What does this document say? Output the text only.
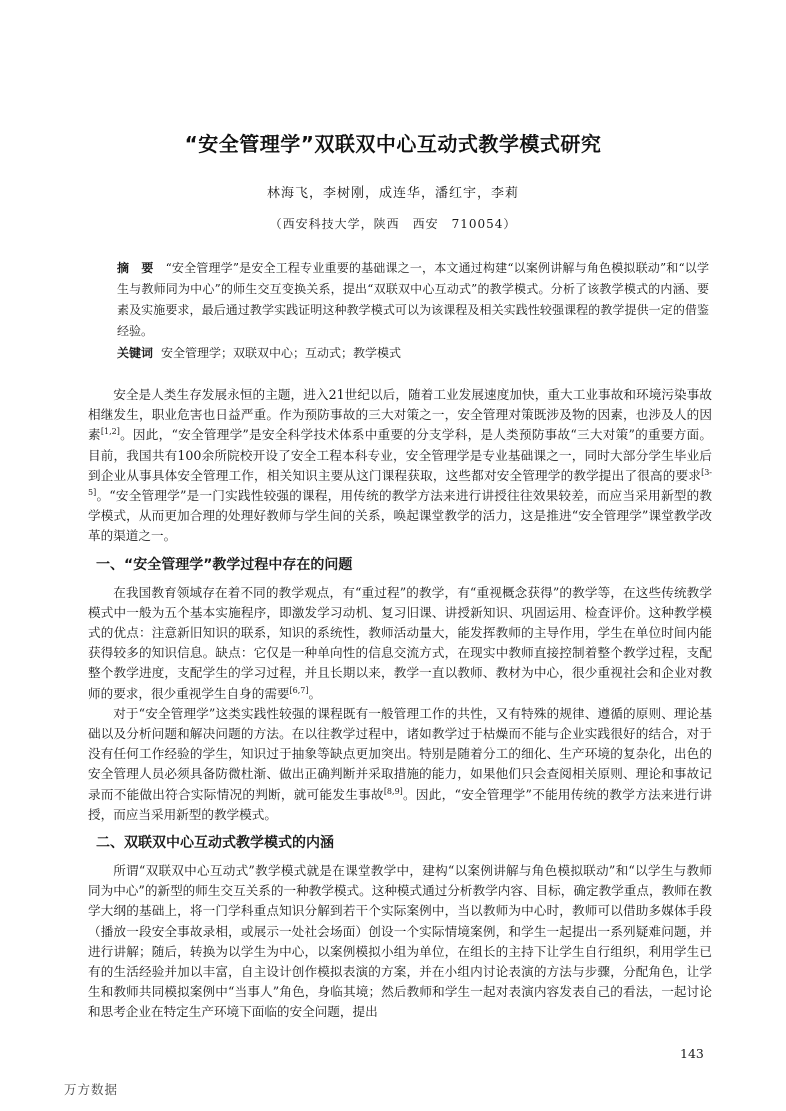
“安全管理学”双联双中心互动式教学模式研究
林海飞，李树刚，成连华，潘红宇，李莉
（西安科技大学，陕西　西安　710054）
摘　要 “安全管理学”是安全工程专业重要的基础课之一，本文通过构建“以案例讲解与角色模拟联动”和“以学生与教师同为中心”的师生交互变换关系，提出“双联双中心互动式”的教学模式。分析了该教学模式的内涵、要素及实施要求，最后通过教学实践证明这种教学模式可以为该课程及相关实践性较强课程的教学提供一定的借鉴经验。
关键词 安全管理学；双联双中心；互动式；教学模式

安全是人类生存发展永恒的主题，进入21世纪以后，随着工业发展速度加快，重大工业事故和环境污染事故相继发生，职业危害也日益严重。作为预防事故的三大对策之一，安全管理对策既涉及物的因素，也涉及人的因素[1,2]。因此，“安全管理学”是安全科学技术体系中重要的分支学科，是人类预防事故“三大对策”的重要方面。目前，我国共有100余所院校开设了安全工程本科专业，安全管理学是专业基础课之一，同时大部分学生毕业后到企业从事具体安全管理工作，相关知识主要从这门课程获取，这些都对安全管理学的教学提出了很高的要求[3-5]。“安全管理学”是一门实践性较强的课程，用传统的教学方法来进行讲授往往效果较差，而应当采用新型的教学模式，从而更加合理的处理好教师与学生间的关系，唤起课堂教学的活力，这是推进“安全管理学”课堂教学改革的渠道之一。

一、“安全管理学”教学过程中存在的问题

在我国教育领域存在着不同的教学观点，有“重过程”的教学，有“重视概念获得”的教学等，在这些传统教学模式中一般为五个基本实施程序，即激发学习动机、复习旧课、讲授新知识、巩固运用、检查评价。这种教学模式的优点：注意新旧知识的联系，知识的系统性，教师活动量大，能发挥教师的主导作用，学生在单位时间内能获得较多的知识信息。缺点：它仅是一种单向性的信息交流方式，在现实中教师直接控制着整个教学过程，支配整个教学进度，支配学生的学习过程，并且长期以来，教学一直以教师、教材为中心，很少重视社会和企业对教师的要求，很少重视学生自身的需要[6,7]。

对于“安全管理学”这类实践性较强的课程既有一般管理工作的共性，又有特殊的规律、遵循的原则、理论基础以及分析问题和解决问题的方法。在以往教学过程中，诸如教学过于枯燥而不能与企业实践很好的结合，对于没有任何工作经验的学生，知识过于抽象等缺点更加突出。特别是随着分工的细化、生产环境的复杂化，出色的安全管理人员必须具备防微杜渐、做出正确判断并采取措施的能力，如果他们只会查阅相关原则、理论和事故记录而不能做出符合实际情况的判断，就可能发生事故[8,9]。因此，“安全管理学”不能用传统的教学方法来进行讲授，而应当采用新型的教学模式。

二、双联双中心互动式教学模式的内涵

所谓“双联双中心互动式”教学模式就是在课堂教学中，建构“以案例讲解与角色模拟联动”和“以学生与教师同为中心”的新型的师生交互关系的一种教学模式。这种模式通过分析教学内容、目标，确定教学重点，教师在教学大纲的基础上，将一门学科重点知识分解到若干个实际案例中，当以教师为中心时，教师可以借助多媒体手段（播放一段安全事故录相，或展示一处社会场面）创设一个实际情境案例，和学生一起提出一系列疑难问题，并进行讲解；随后，转换为以学生为中心，以案例模拟小组为单位，在组长的主持下让学生自行组织，利用学生已有的生活经验并加以丰富，自主设计创作模拟表演的方案，并在小组内讨论表演的方法与步骤，分配角色，让学生和教师共同模拟案例中“当事人”角色，身临其境；然后教师和学生一起对表演内容发表自己的看法，一起讨论和思考企业在特定生产环境下面临的安全问题，提出

143
万方数据
